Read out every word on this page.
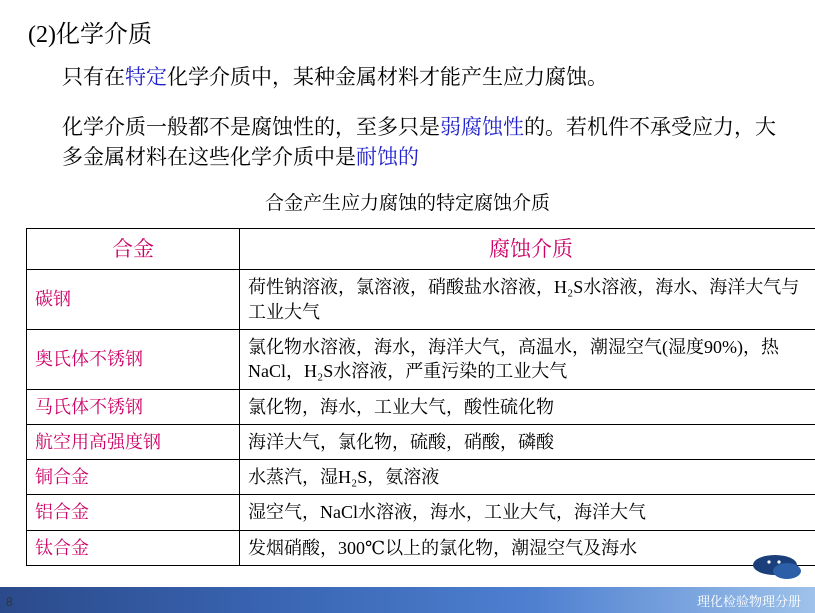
(2)化学介质
只有在特定化学介质中，某种金属材料才能产生应力腐蚀。
化学介质一般都不是腐蚀性的，至多只是弱腐蚀性的。若机件不承受应力，大多金属材料在这些化学介质中是耐蚀的
合金产生应力腐蚀的特定腐蚀介质
合金	腐蚀介质
碳钢	荷性钠溶液，氯溶液，硝酸盐水溶液，H₂S水溶液，海水、海洋大气与工业大气
奥氏体不锈钢	氯化物水溶液，海水，海洋大气，高温水，潮湿空气(湿度90%)，热NaCl，H₂S水溶液，严重污染的工业大气
马氏体不锈钢	氯化物，海水，工业大气，酸性硫化物
航空用高强度钢	海洋大气，氯化物，硫酸，硝酸，磷酸
铜合金	水蒸汽，湿H₂S，氨溶液
铝合金	湿空气，NaCl水溶液，海水，工业大气，海洋大气
钛合金	发烟硝酸，300℃以上的氯化物，潮湿空气及海水
理化检验物理分册
8
